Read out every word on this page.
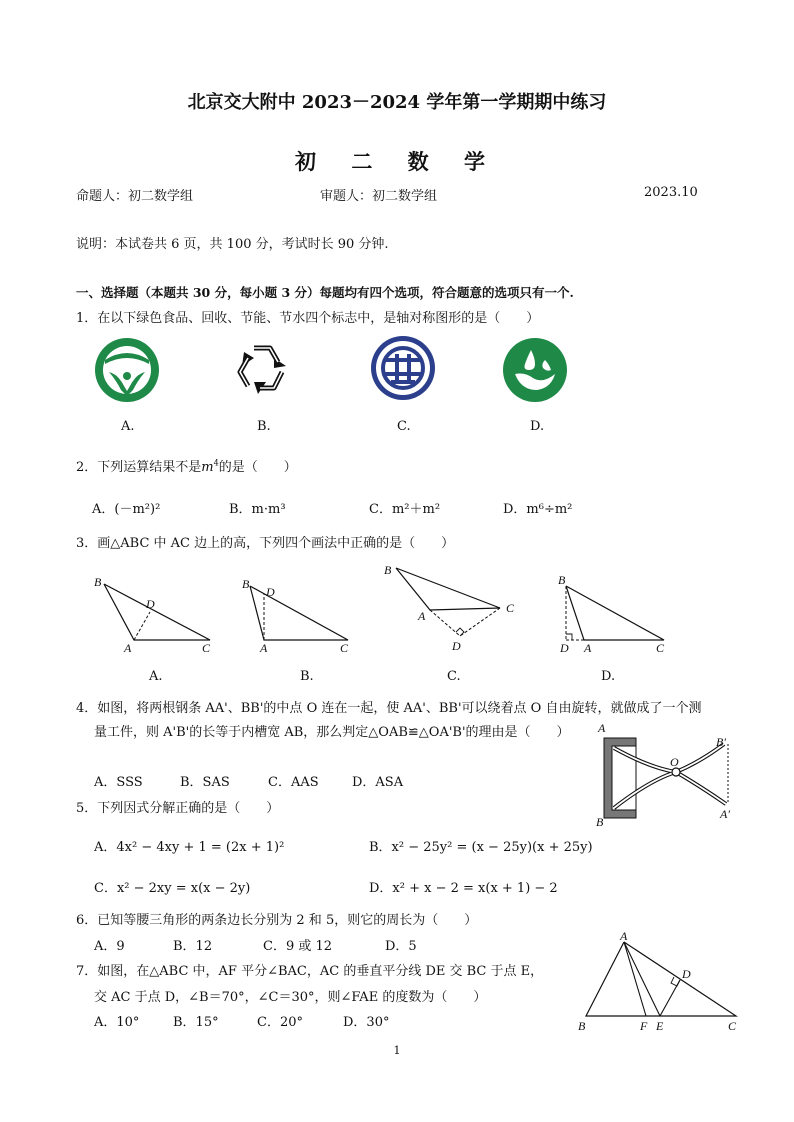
北京交大附中 2023－2024 学年第一学期期中练习
初 二 数 学
命题人：初二数学组	审题人：初二数学组	2023.10
说明：本试卷共 6 页，共 100 分，考试时长 90 分钟.
一、选择题（本题共 30 分，每小题 3 分）每题均有四个选项，符合题意的选项只有一个.
1．在以下绿色食品、回收、节能、节水四个标志中，是轴对称图形的是（　　）
A.	B.	C.	D.
2．下列运算结果不是$m^4$的是（　　）
A．(－m²)²	B．m·m³	C．m²＋m²	D．m⁶÷m²
3．画△ABC 中 AC 边上的高，下列四个画法中正确的是（　　）
B
D
A	C
B
D
A	C
B
A
C
D
B
D A	C
A.	B.	C.	D.
4．如图，将两根钢条 AA'、BB'的中点 O 连在一起，使 AA'、BB'可以绕着点 O 自由旋转，就做成了一个测
量工件，则 A'B'的长等于内槽宽 AB，那么判定△OAB≌△OA'B'的理由是（　　）
A．SSS	B．SAS	C．AAS	D．ASA
A
B
O
B′
A′
5．下列因式分解正确的是（　　）
A．4x² − 4xy + 1 = (2x + 1)²	B．x² − 25y² = (x − 25y)(x + 25y)
C．x² − 2xy = x(x − 2y)	D．x² + x − 2 = x(x + 1) − 2
6．已知等腰三角形的两条边长分别为 2 和 5，则它的周长为（　　）
A．9	B．12	C．9 或 12	D．5
7．如图，在△ABC 中，AF 平分∠BAC，AC 的垂直平分线 DE 交 BC 于点 E，
交 AC 于点 D，∠B＝70°，∠C＝30°，则∠FAE 的度数为（　　）
A．10°	B．15°	C．20°	D．30°
A
B	C
D
E
F
1
